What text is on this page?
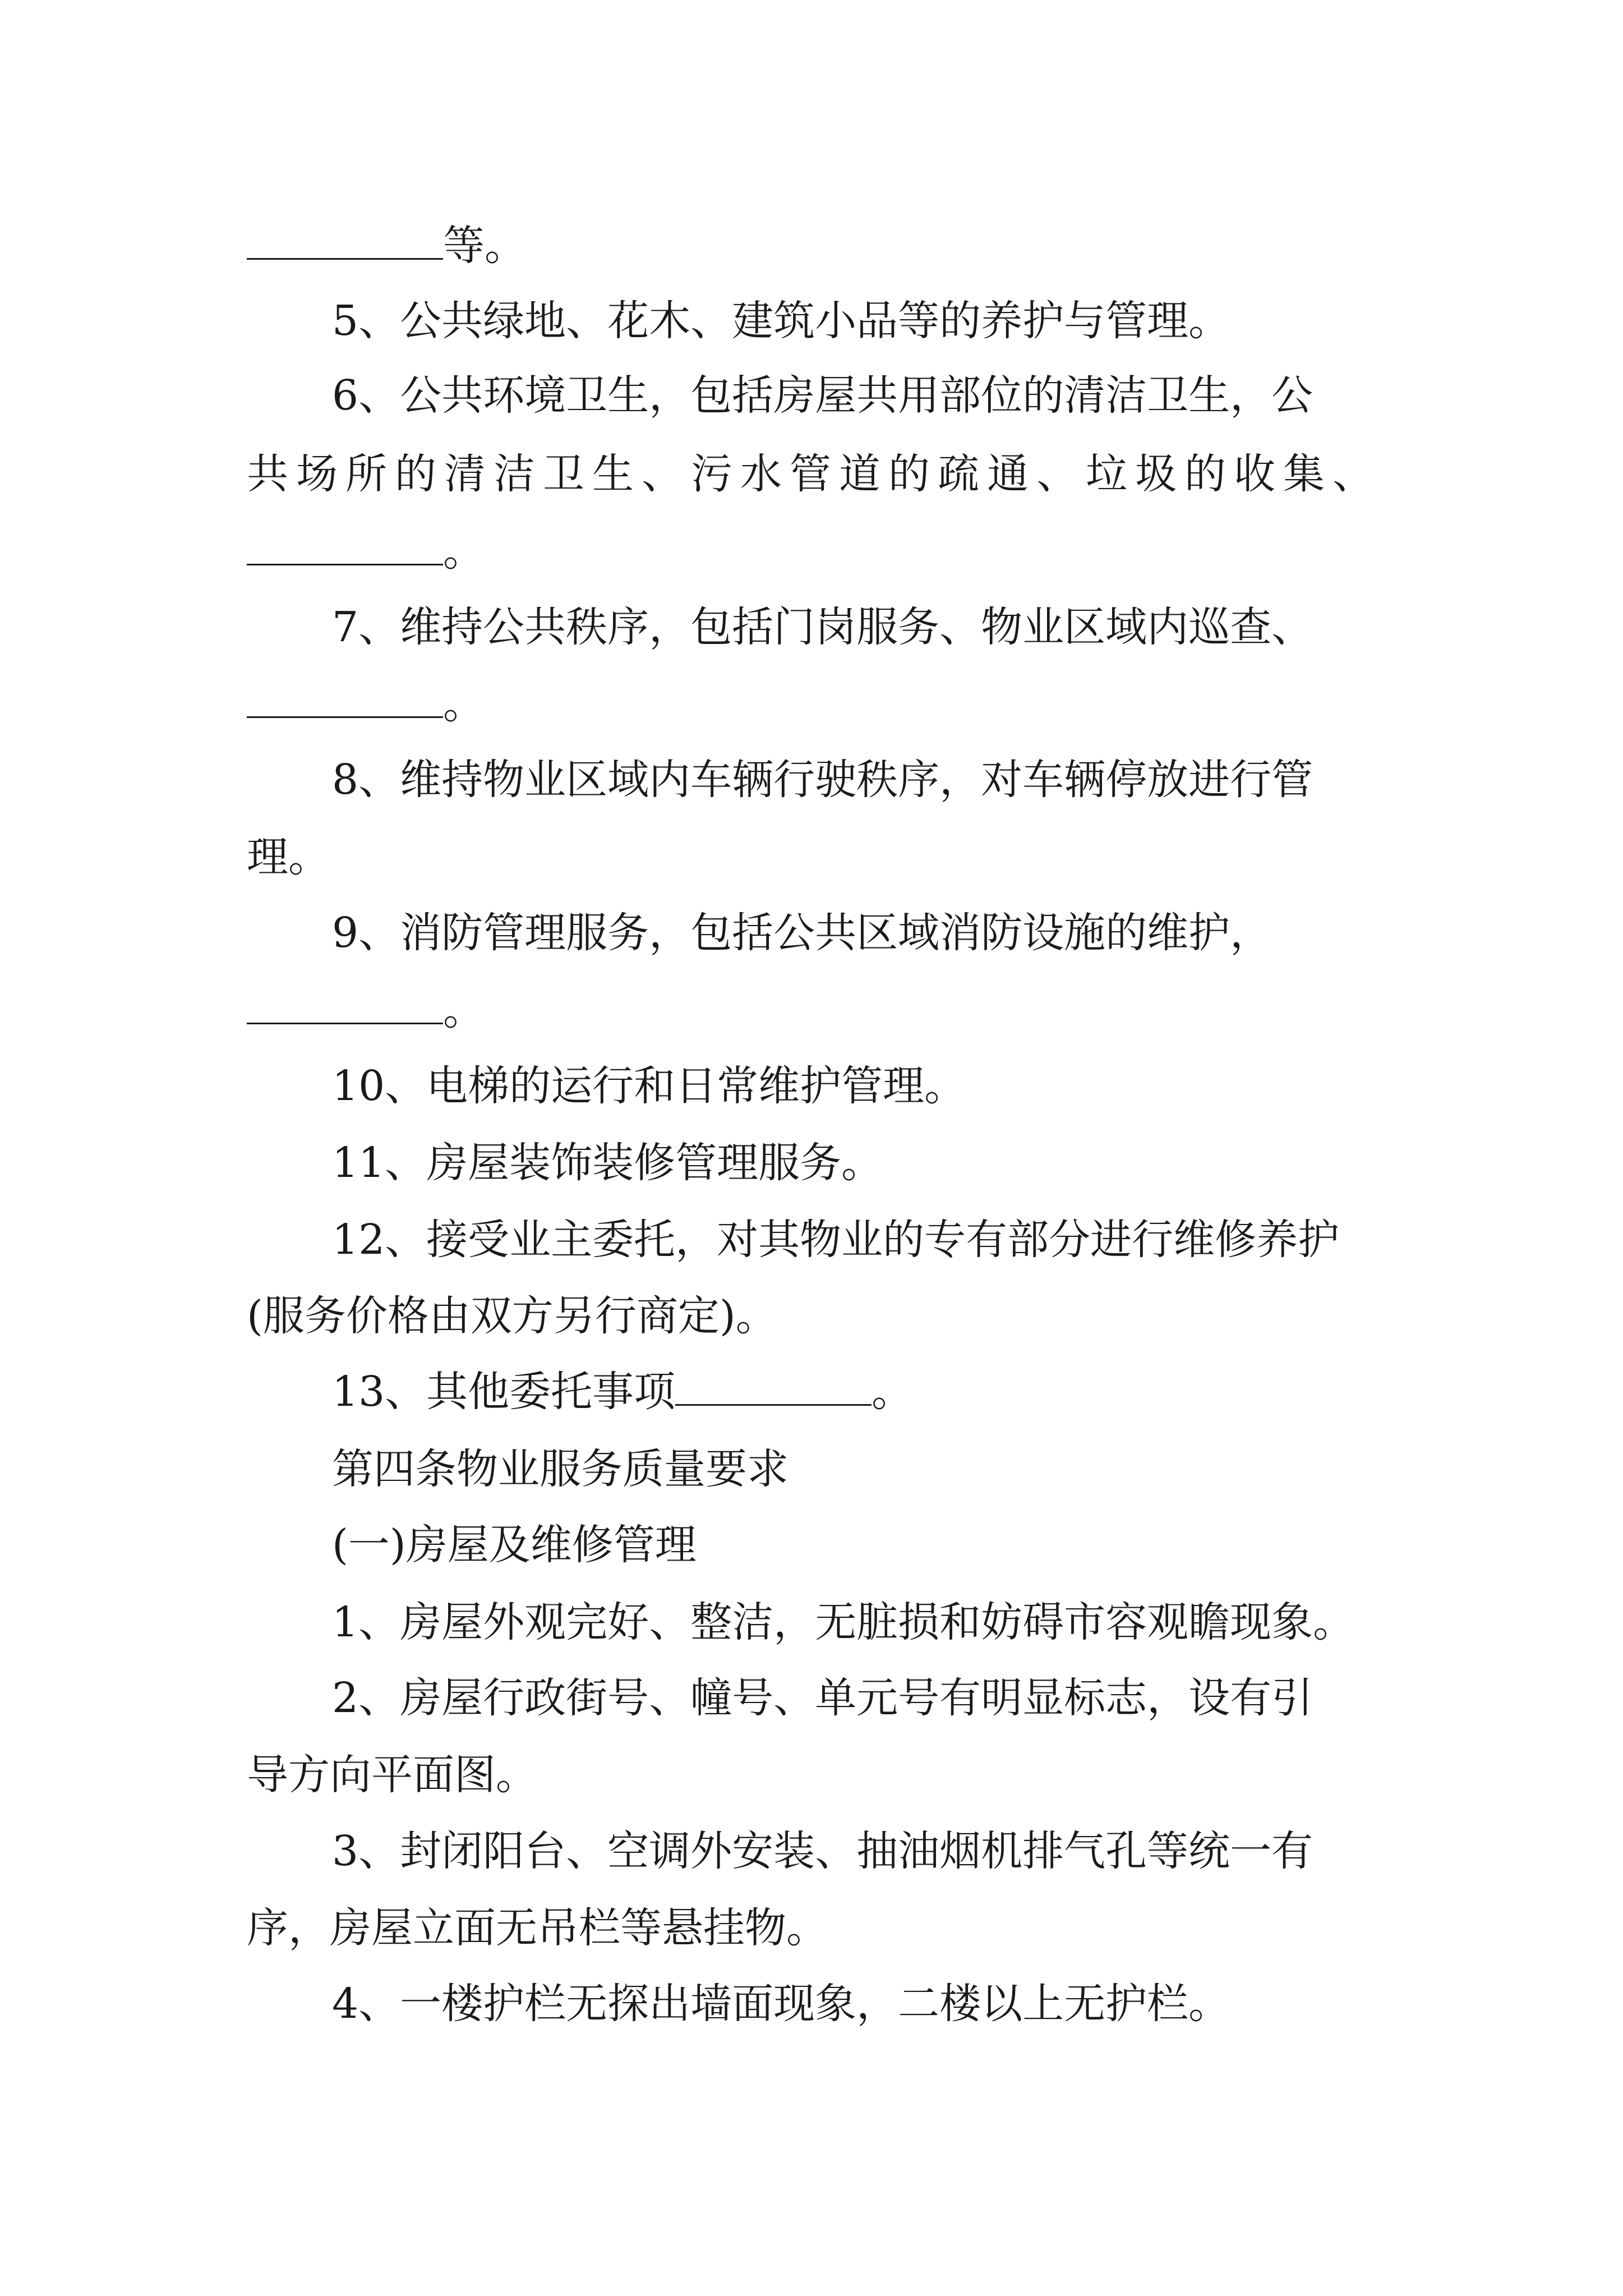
等。
5、公共绿地、花木、建筑小品等的养护与管理。
6、公共环境卫生，包括房屋共用部位的清洁卫生，公
共场所的清洁卫生、污水管道的疏通、垃圾的收集、
。
7、维持公共秩序，包括门岗服务、物业区域内巡查、
。
8、维持物业区域内车辆行驶秩序，对车辆停放进行管
理。
9、消防管理服务，包括公共区域消防设施的维护，
。
10、电梯的运行和日常维护管理。
11、房屋装饰装修管理服务。
12、接受业主委托，对其物业的专有部分进行维修养护
(服务价格由双方另行商定)。
13、其他委托事项	。
第四条物业服务质量要求
(一)房屋及维修管理
1、房屋外观完好、整洁，无脏损和妨碍市容观瞻现象。
2、房屋行政街号、幢号、单元号有明显标志，设有引
导方向平面图。
3、封闭阳台、空调外安装、抽油烟机排气孔等统一有
序，房屋立面无吊栏等悬挂物。
4、一楼护栏无探出墙面现象，二楼以上无护栏。
